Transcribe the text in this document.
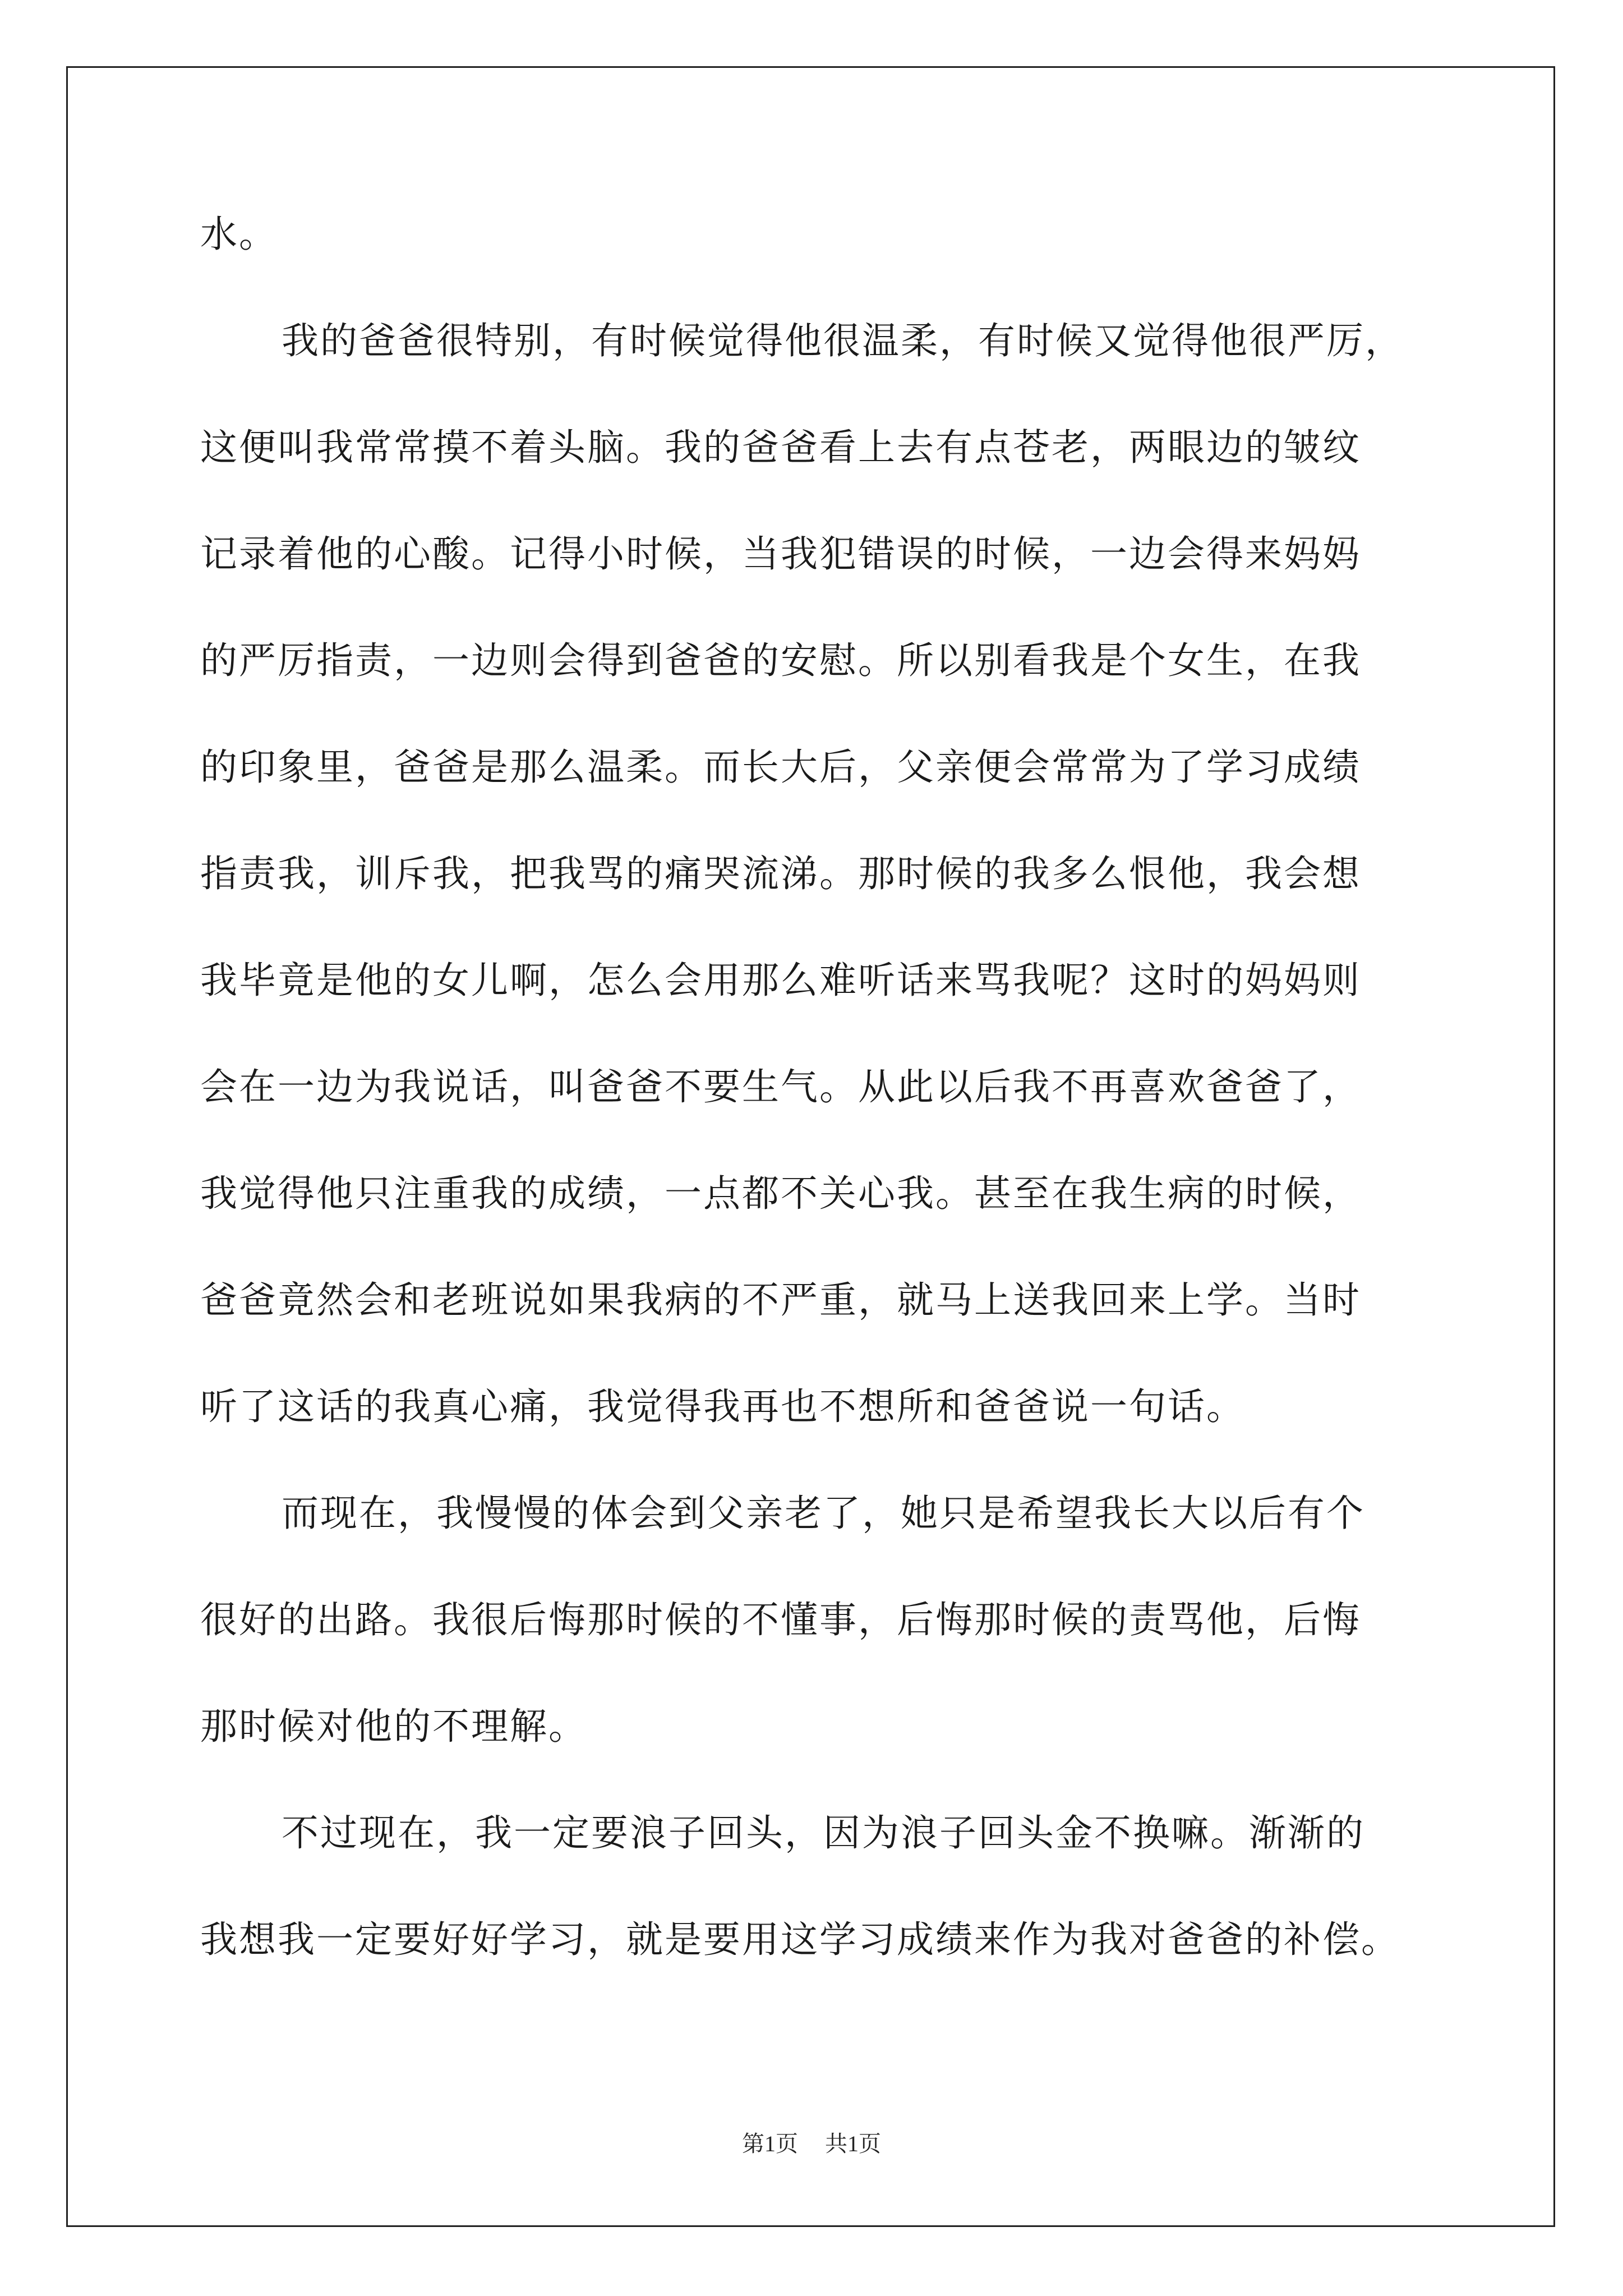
水。
我的爸爸很特别，有时候觉得他很温柔，有时候又觉得他很严厉，
这便叫我常常摸不着头脑。我的爸爸看上去有点苍老，两眼边的皱纹
记录着他的心酸。记得小时候，当我犯错误的时候，一边会得来妈妈
的严厉指责，一边则会得到爸爸的安慰。所以别看我是个女生，在我
的印象里，爸爸是那么温柔。而长大后，父亲便会常常为了学习成绩
指责我，训斥我，把我骂的痛哭流涕。那时候的我多么恨他，我会想
我毕竟是他的女儿啊，怎么会用那么难听话来骂我呢？这时的妈妈则
会在一边为我说话，叫爸爸不要生气。从此以后我不再喜欢爸爸了，
我觉得他只注重我的成绩，一点都不关心我。甚至在我生病的时候，
爸爸竟然会和老班说如果我病的不严重，就马上送我回来上学。当时
听了这话的我真心痛，我觉得我再也不想所和爸爸说一句话。
而现在，我慢慢的体会到父亲老了，她只是希望我长大以后有个
很好的出路。我很后悔那时候的不懂事，后悔那时候的责骂他，后悔
那时候对他的不理解。
不过现在，我一定要浪子回头，因为浪子回头金不换嘛。渐渐的
我想我一定要好好学习，就是要用这学习成绩来作为我对爸爸的补偿。
第1页 共1页
